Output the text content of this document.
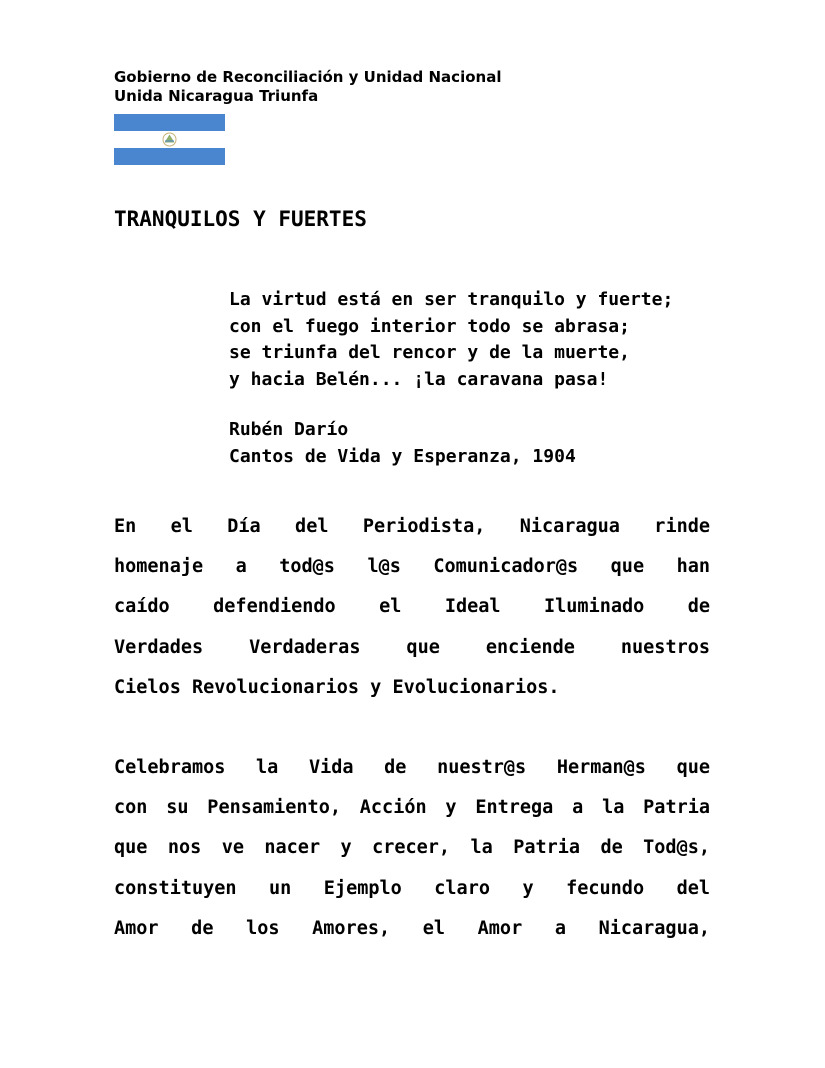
Gobierno de Reconciliación y Unidad Nacional
Unida Nicaragua Triunfa
TRANQUILOS Y FUERTES
La virtud está en ser tranquilo y fuerte;
con el fuego interior todo se abrasa;
se triunfa del rencor y de la muerte,
y hacia Belén... ¡la caravana pasa!
Rubén Darío
Cantos de Vida y Esperanza, 1904
En el Día del Periodista, Nicaragua rinde
homenaje a tod@s l@s Comunicador@s que han
caído defendiendo el Ideal Iluminado de
Verdades Verdaderas que enciende nuestros
Cielos Revolucionarios y Evolucionarios.
Celebramos la Vida de nuestr@s Herman@s que
con su Pensamiento, Acción y Entrega a la Patria
que nos ve nacer y crecer, la Patria de Tod@s,
constituyen un Ejemplo claro y fecundo del
Amor de los Amores, el Amor a Nicaragua,
